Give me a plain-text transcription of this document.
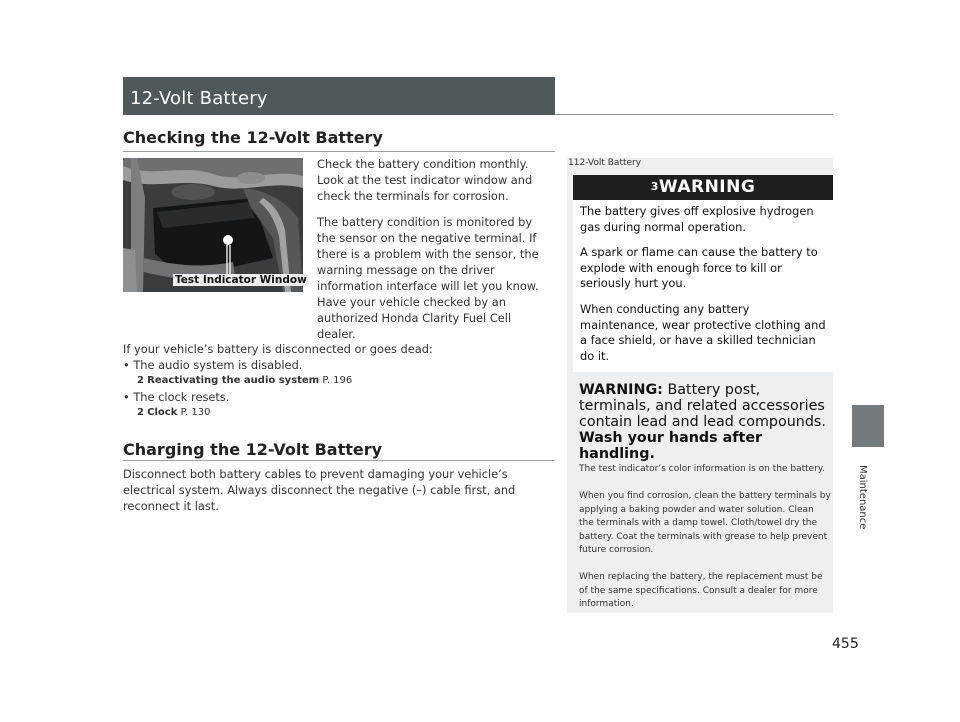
12-Volt Battery
Maintenance
Checking the 12-Volt Battery
Test Indicator Window
Check the battery condition monthly. Look at the test indicator window and check the terminals for corrosion.
The battery condition is monitored by the sensor on the negative terminal. If there is a problem with the sensor, the warning message on the driver information interface will let you know. Have your vehicle checked by an authorized Honda Clarity Fuel Cell dealer.
If your vehicle’s battery is disconnected or goes dead:
• The audio system is disabled.
2 Reactivating the audio system P. 196
• The clock resets.
2 Clock P. 130
Charging the 12-Volt Battery
Disconnect both battery cables to prevent damaging your vehicle’s electrical system. Always disconnect the negative (–) cable first, and reconnect it last.
112-Volt Battery
3WARNING
The battery gives off explosive hydrogen gas during normal operation.
A spark or flame can cause the battery to explode with enough force to kill or seriously hurt you.
When conducting any battery maintenance, wear protective clothing and a face shield, or have a skilled technician do it.
WARNING: Battery post, terminals, and related accessories contain lead and lead compounds.
Wash your hands after handling.
The test indicator’s color information is on the battery.
When you find corrosion, clean the battery terminals by applying a baking powder and water solution. Clean the terminals with a damp towel. Cloth/towel dry the battery. Coat the terminals with grease to help prevent future corrosion.
When replacing the battery, the replacement must be of the same specifications. Consult a dealer for more information.
455
